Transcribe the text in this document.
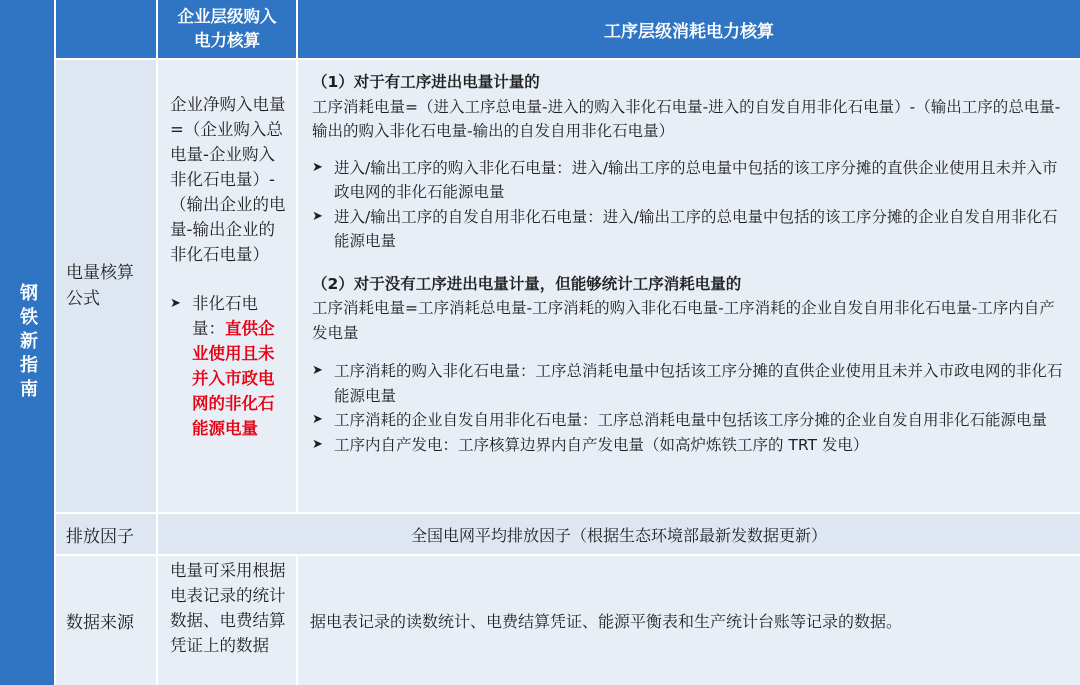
钢铁新指南
企业层级购入电力核算	工序层级消耗电力核算
电量核算公式

企业净购入电量=（企业购入总电量-企业购入非化石电量）-（输出企业的电量-输出企业的非化石电量）

➤ 非化石电量：直供企业使用且未并入市政电网的非化石能源电量

（1）对于有工序进出电量计量的

工序消耗电量=（进入工序总电量-进入的购入非化石电量-进入的自发自用非化石电量）-（输出工序的总电量-输出的购入非化石电量-输出的自发自用非化石电量）

➤ 进入/输出工序的购入非化石电量：进入/输出工序的总电量中包括的该工序分摊的直供企业使用且未并入市政电网的非化石能源电量

➤ 进入/输出工序的自发自用非化石电量：进入/输出工序的总电量中包括的该工序分摊的企业自发自用非化石能源电量

（2）对于没有工序进出电量计量，但能够统计工序消耗电量的

工序消耗电量=工序消耗总电量-工序消耗的购入非化石电量-工序消耗的企业自发自用非化石电量-工序内自产发电量

➤ 工序消耗的购入非化石电量：工序总消耗电量中包括该工序分摊的直供企业使用且未并入市政电网的非化石能源电量

➤ 工序消耗的企业自发自用非化石电量：工序总消耗电量中包括该工序分摊的企业自发自用非化石能源电量

➤ 工序内自产发电：工序核算边界内自产发电量（如高炉炼铁工序的 TRT 发电）

排放因子	全国电网平均排放因子（根据生态环境部最新发数据更新）
数据来源

电量可采用根据电表记录的统计数据、电费结算凭证上的数据

据电表记录的读数统计、电费结算凭证、能源平衡表和生产统计台账等记录的数据。
